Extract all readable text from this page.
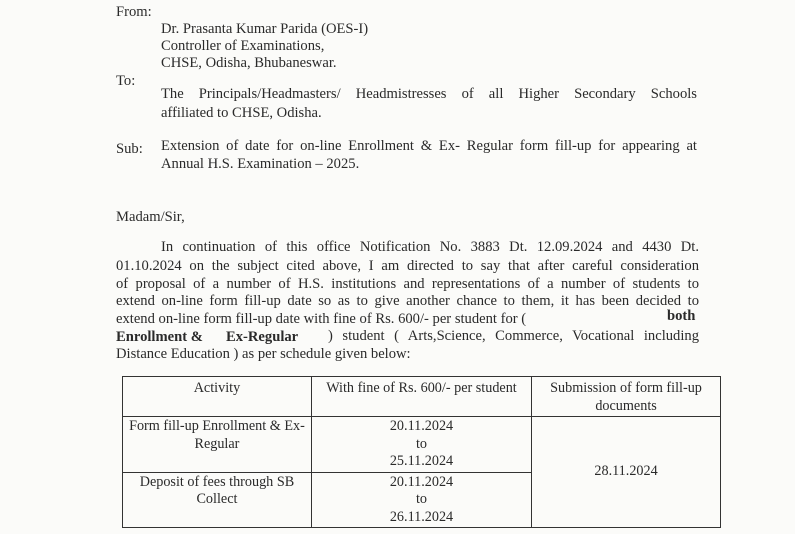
From:
Dr. Prasanta Kumar Parida (OES-I)
Controller of Examinations,
CHSE, Odisha, Bhubaneswar.
To:
The Principals/Headmasters/ Headmistresses of all Higher Secondary Schools
affiliated to CHSE, Odisha.
Sub: Extension of date for on-line Enrollment & Ex- Regular form fill-up for appearing at
Annual H.S. Examination – 2025.
Madam/Sir,
In continuation of this office Notification No. 3883 Dt. 12.09.2024 and 4430 Dt.
01.10.2024 on the subject cited above, I am directed to say that after careful consideration
of proposal of a number of H.S. institutions and representations of a number of students to
extend on-line form fill-up date so as to give another chance to them, it has been decided to
extend on-line form fill-up date with fine of Rs. 600/- per student for (	both
Enrollment & Ex-Regular ) student ( Arts,Science, Commerce, Vocational including
Distance Education ) as per schedule given below:
Activity	With fine of Rs. 600/- per student	Submission of form fill-up documents
Form fill-up Enrollment & Ex-Regular	20.11.2024
to
25.11.2024	28.11.2024
Deposit of fees through SB Collect	20.11.2024
to
26.11.2024	
